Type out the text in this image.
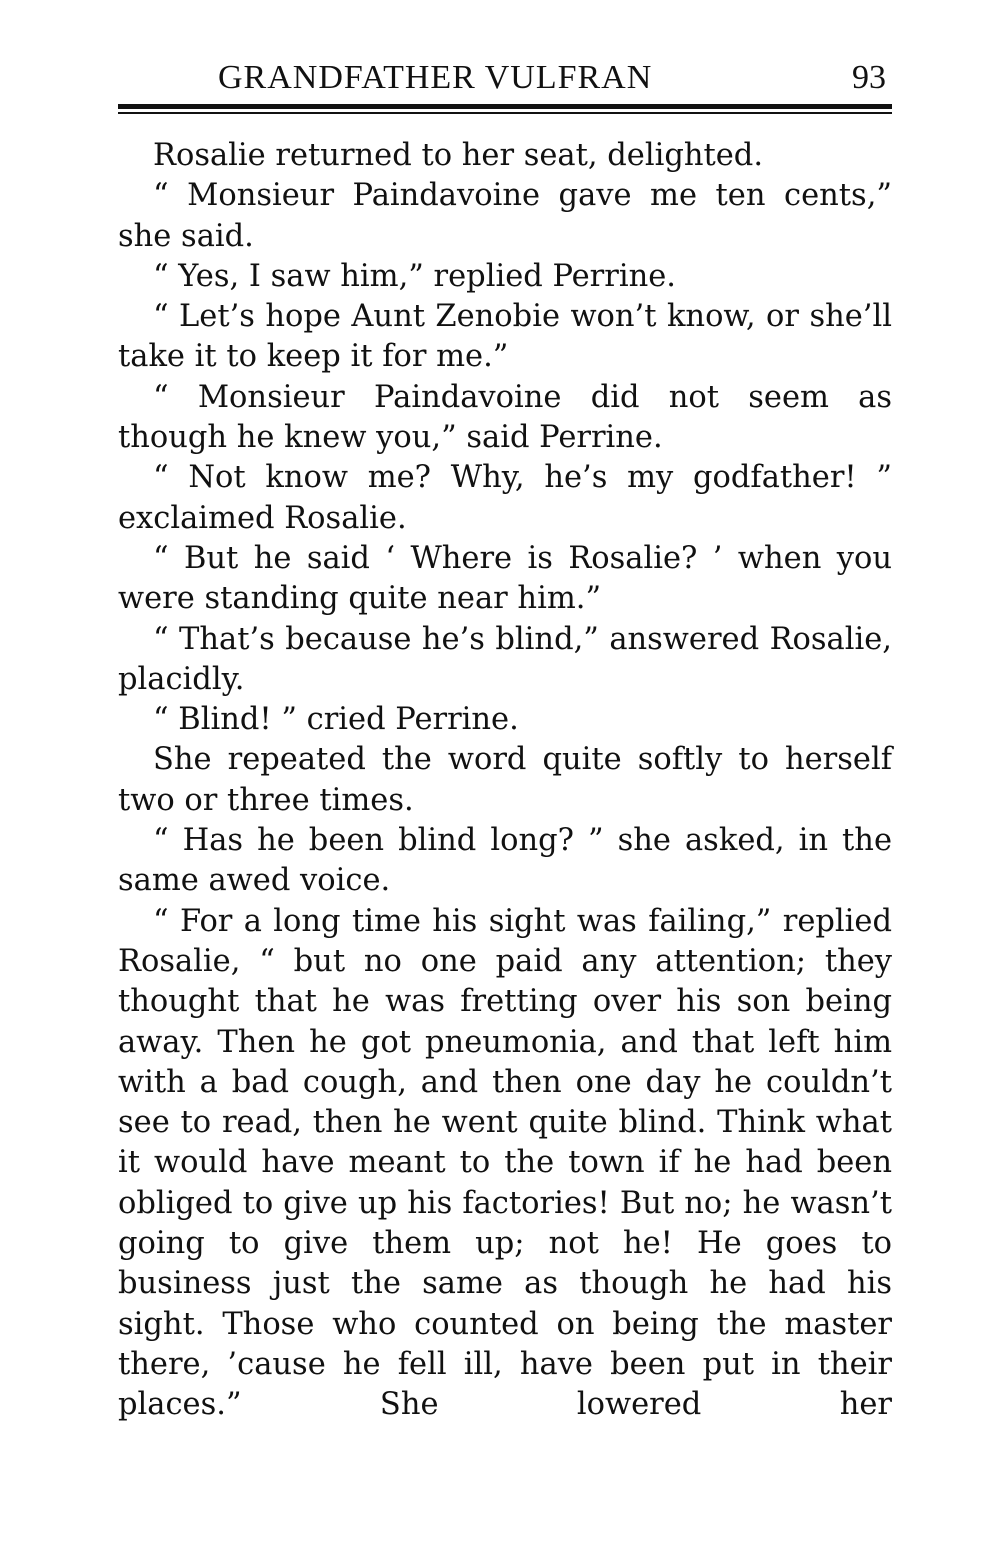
GRANDFATHER VULFRAN	93

Rosalie returned to her seat, delighted.

“ Monsieur Paindavoine gave me ten cents,” she said.

“ Yes, I saw him,” replied Perrine.

“ Let’s hope Aunt Zenobie won’t know, or she’ll take it to keep it for me.”

“ Monsieur Paindavoine did not seem as though he knew you,” said Perrine.

“ Not know me? Why, he’s my godfather! ” exclaimed Rosalie.

“ But he said ‘ Where is Rosalie? ’ when you were standing quite near him.”

“ That’s because he’s blind,” answered Rosalie, placidly.

“ Blind! ” cried Perrine.

She repeated the word quite softly to herself two or three times.

“ Has he been blind long? ” she asked, in the same awed voice.

“ For a long time his sight was failing,” replied Rosalie, “ but no one paid any attention; they thought that he was fretting over his son being away. Then he got pneumonia, and that left him with a bad cough, and then one day he couldn’t see to read, then he went quite blind. Think what it would have meant to the town if he had been obliged to give up his factories! But no; he wasn’t going to give them up; not he! He goes to business just the same as though he had his sight. Those who counted on being the master there, ’cause he fell ill, have been put in their places.” She lowered her
